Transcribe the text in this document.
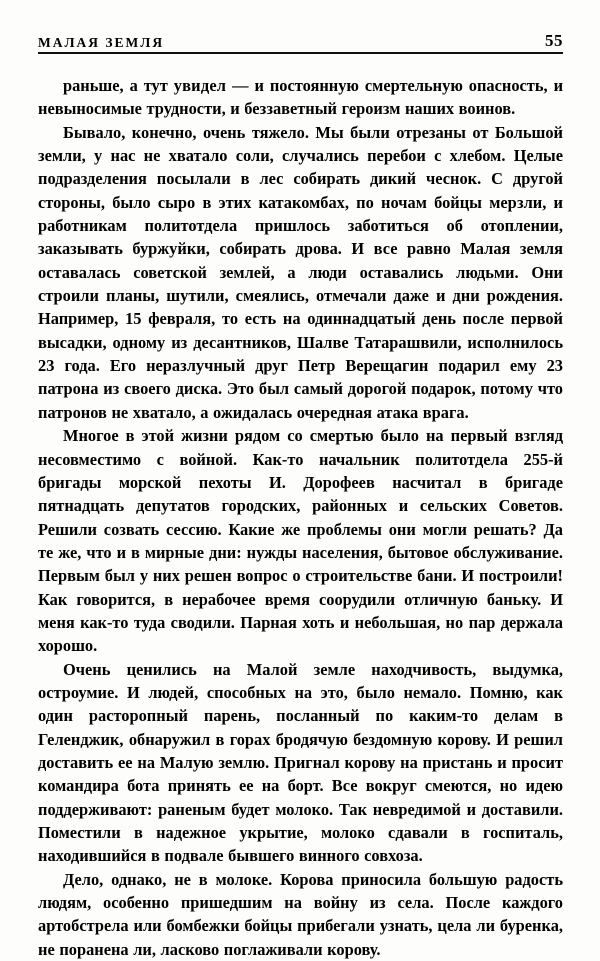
МАЛАЯ ЗЕМЛЯ	55

раньше, а тут увидел — и постоянную смертельную опасность, и невыносимые трудности, и беззаветный героизм наших воинов.

Бывало, конечно, очень тяжело. Мы были отрезаны от Большой земли, у нас не хватало соли, случались перебои с хлебом. Целые подразделения посылали в лес собирать дикий чеснок. С другой стороны, было сыро в этих катакомбах, по ночам бойцы мерзли, и работникам политотдела пришлось заботиться об отоплении, заказывать буржуйки, собирать дрова. И все равно Малая земля оставалась советской землей, а люди оставались людьми. Они строили планы, шутили, смеялись, отмечали даже и дни рождения. Например, 15 февраля, то есть на одиннадцатый день после первой высадки, одному из десантников, Шалве Татарашвили, исполнилось 23 года. Его неразлучный друг Петр Верещагин подарил ему 23 патрона из своего диска. Это был самый дорогой подарок, потому что патронов не хватало, а ожидалась очередная атака врага.

Многое в этой жизни рядом со смертью было на первый взгляд несовместимо с войной. Как-то начальник политотдела 255-й бригады морской пехоты И. Дорофеев насчитал в бригаде пятнадцать депутатов городских, районных и сельских Советов. Решили созвать сессию. Какие же проблемы они могли решать? Да те же, что и в мирные дни: нужды населения, бытовое обслуживание. Первым был у них решен вопрос о строительстве бани. И построили! Как говорится, в нерабочее время соорудили отличную баньку. И меня как-то туда сводили. Парная хоть и небольшая, но пар держала хорошо.

Очень ценились на Малой земле находчивость, выдумка, остроумие. И людей, способных на это, было немало. Помню, как один расторопный парень, посланный по каким-то делам в Геленджик, обнаружил в горах бродячую бездомную корову. И решил доставить ее на Малую землю. Пригнал корову на пристань и просит командира бота принять ее на борт. Все вокруг смеются, но идею поддерживают: раненым будет молоко. Так невредимой и доставили. Поместили в надежное укрытие, молоко сдавали в госпиталь, находившийся в подвале бывшего винного совхоза.

Дело, однако, не в молоке. Корова приносила большую радость людям, особенно пришедшим на войну из села. После каждого артобстрела или бомбежки бойцы прибегали узнать, цела ли буренка, не поранена ли, ласково поглаживали корову.
